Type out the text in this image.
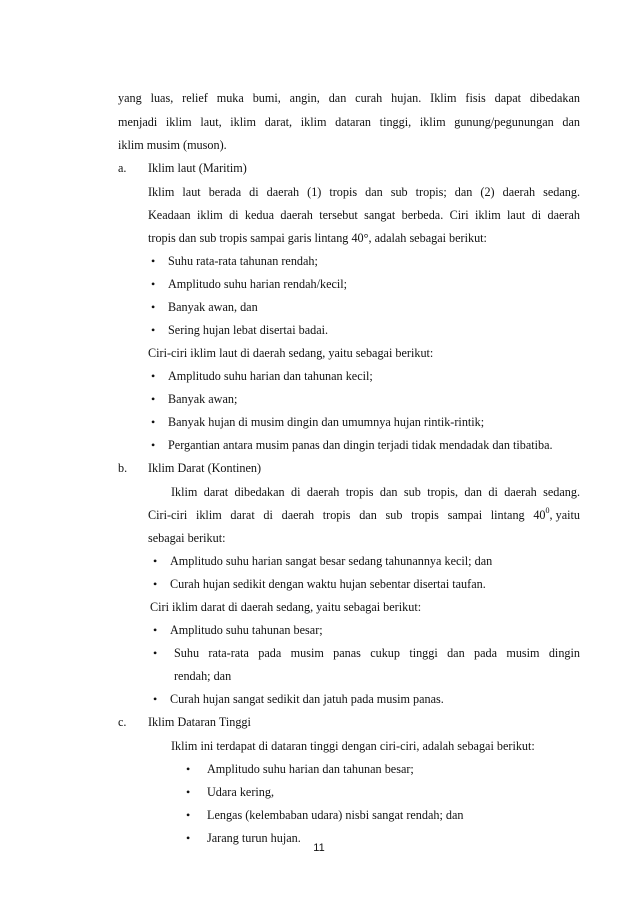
yang luas, relief muka bumi, angin, dan curah hujan. Iklim fisis dapat dibedakan
menjadi iklim laut, iklim darat, iklim dataran tinggi, iklim gunung/pegunungan dan
iklim musim (muson).
a. Iklim laut (Maritim)
Iklim laut berada di daerah (1) tropis dan sub tropis; dan (2) daerah sedang.
Keadaan iklim di kedua daerah tersebut sangat berbeda. Ciri iklim laut di daerah
tropis dan sub tropis sampai garis lintang 40°, adalah sebagai berikut:
• Suhu rata-rata tahunan rendah;
• Amplitudo suhu harian rendah/kecil;
• Banyak awan, dan
• Sering hujan lebat disertai badai.
Ciri-ciri iklim laut di daerah sedang, yaitu sebagai berikut:
• Amplitudo suhu harian dan tahunan kecil;
• Banyak awan;
• Banyak hujan di musim dingin dan umumnya hujan rintik-rintik;
• Pergantian antara musim panas dan dingin terjadi tidak mendadak dan tibatiba.
b. Iklim Darat (Kontinen)
Iklim darat dibedakan di daerah tropis dan sub tropis, dan di daerah sedang.
Ciri-ciri iklim darat di daerah tropis dan sub tropis sampai lintang 40 0 , yaitu
sebagai berikut:
• Amplitudo suhu harian sangat besar sedang tahunannya kecil; dan
• Curah hujan sedikit dengan waktu hujan sebentar disertai taufan.
Ciri iklim darat di daerah sedang, yaitu sebagai berikut:
• Amplitudo suhu tahunan besar;
• Suhu rata-rata pada musim panas cukup tinggi dan pada musim dingin
rendah; dan
• Curah hujan sangat sedikit dan jatuh pada musim panas.
c. Iklim Dataran Tinggi
Iklim ini terdapat di dataran tinggi dengan ciri-ciri, adalah sebagai berikut:
• Amplitudo suhu harian dan tahunan besar;
• Udara kering,
• Lengas (kelembaban udara) nisbi sangat rendah; dan
• Jarang turun hujan.
11
